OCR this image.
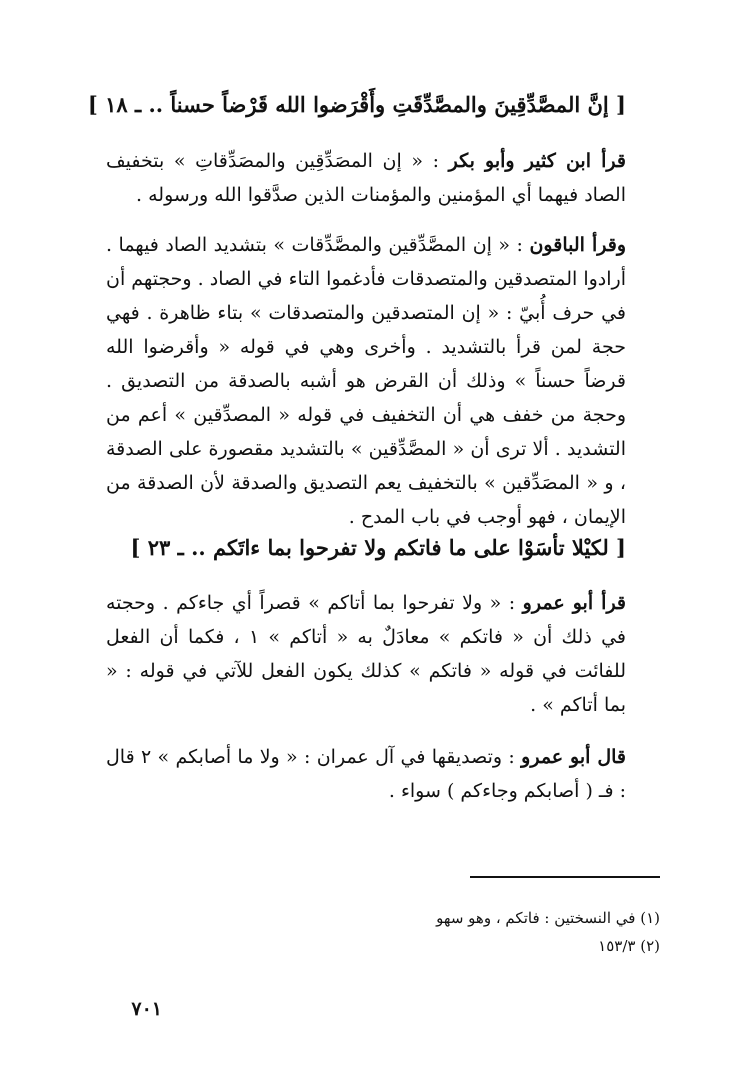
[ إنَّ المصَّدِّقِينَ والمصَّدِّقَتِ وأَقْرَضوا الله قَرْضاً حسناً .. ـ ١٨ ]

قرأ ابن كثير وأبو بكر : « إن المصَدِّقِين والمصَدِّقاتِ » بتخفيف الصاد فيهما أي المؤمنين والمؤمنات الذين صدَّقوا الله ورسوله .

وقرأ الباقون : « إن المصَّدِّقين والمصَّدِّقات » بتشديد الصاد فيهما . أرادوا المتصدقين والمتصدقات فأدغموا التاء في الصاد . وحجتهم أن في حرف أُبيّ : « إن المتصدقين والمتصدقات » بتاء ظاهرة . فهي حجة لمن قرأ بالتشديد . وأخرى وهي في قوله « وأقرضوا الله قرضاً حسناً » وذلك أن القرض هو أشبه بالصدقة من التصديق . وحجة من خفف هي أن التخفيف في قوله « المصدِّقين » أعم من التشديد . ألا ترى أن « المصَّدِّقين » بالتشديد مقصورة على الصدقة ، و « المصَدِّقين » بالتخفيف يعم التصديق والصدقة لأن الصدقة من الإيمان ، فهو أوجب في باب المدح .

[ لكيْلا تأسَوْا على ما فاتكم ولا تفرحوا بما ءاتَكم .. ـ ٢٣ ]

قرأ أبو عمرو : « ولا تفرحوا بما أتاكم » قصراً أي جاءكم . وحجته في ذلك أن « فاتكم » معادَلٌ به « أتاكم » ١ ، فكما أن الفعل للفائت في قوله « فاتكم » كذلك يكون الفعل للآتي في قوله : « بما أتاكم » .

قال أبو عمرو : وتصديقها في آل عمران : « ولا ما أصابكم » ٢ قال : فـ ( أصابكم وجاءكم ) سواء .

(١) في النسختين : فاتكم ، وهو سهو
(٢) ١٥٣/٣
٧٠١
